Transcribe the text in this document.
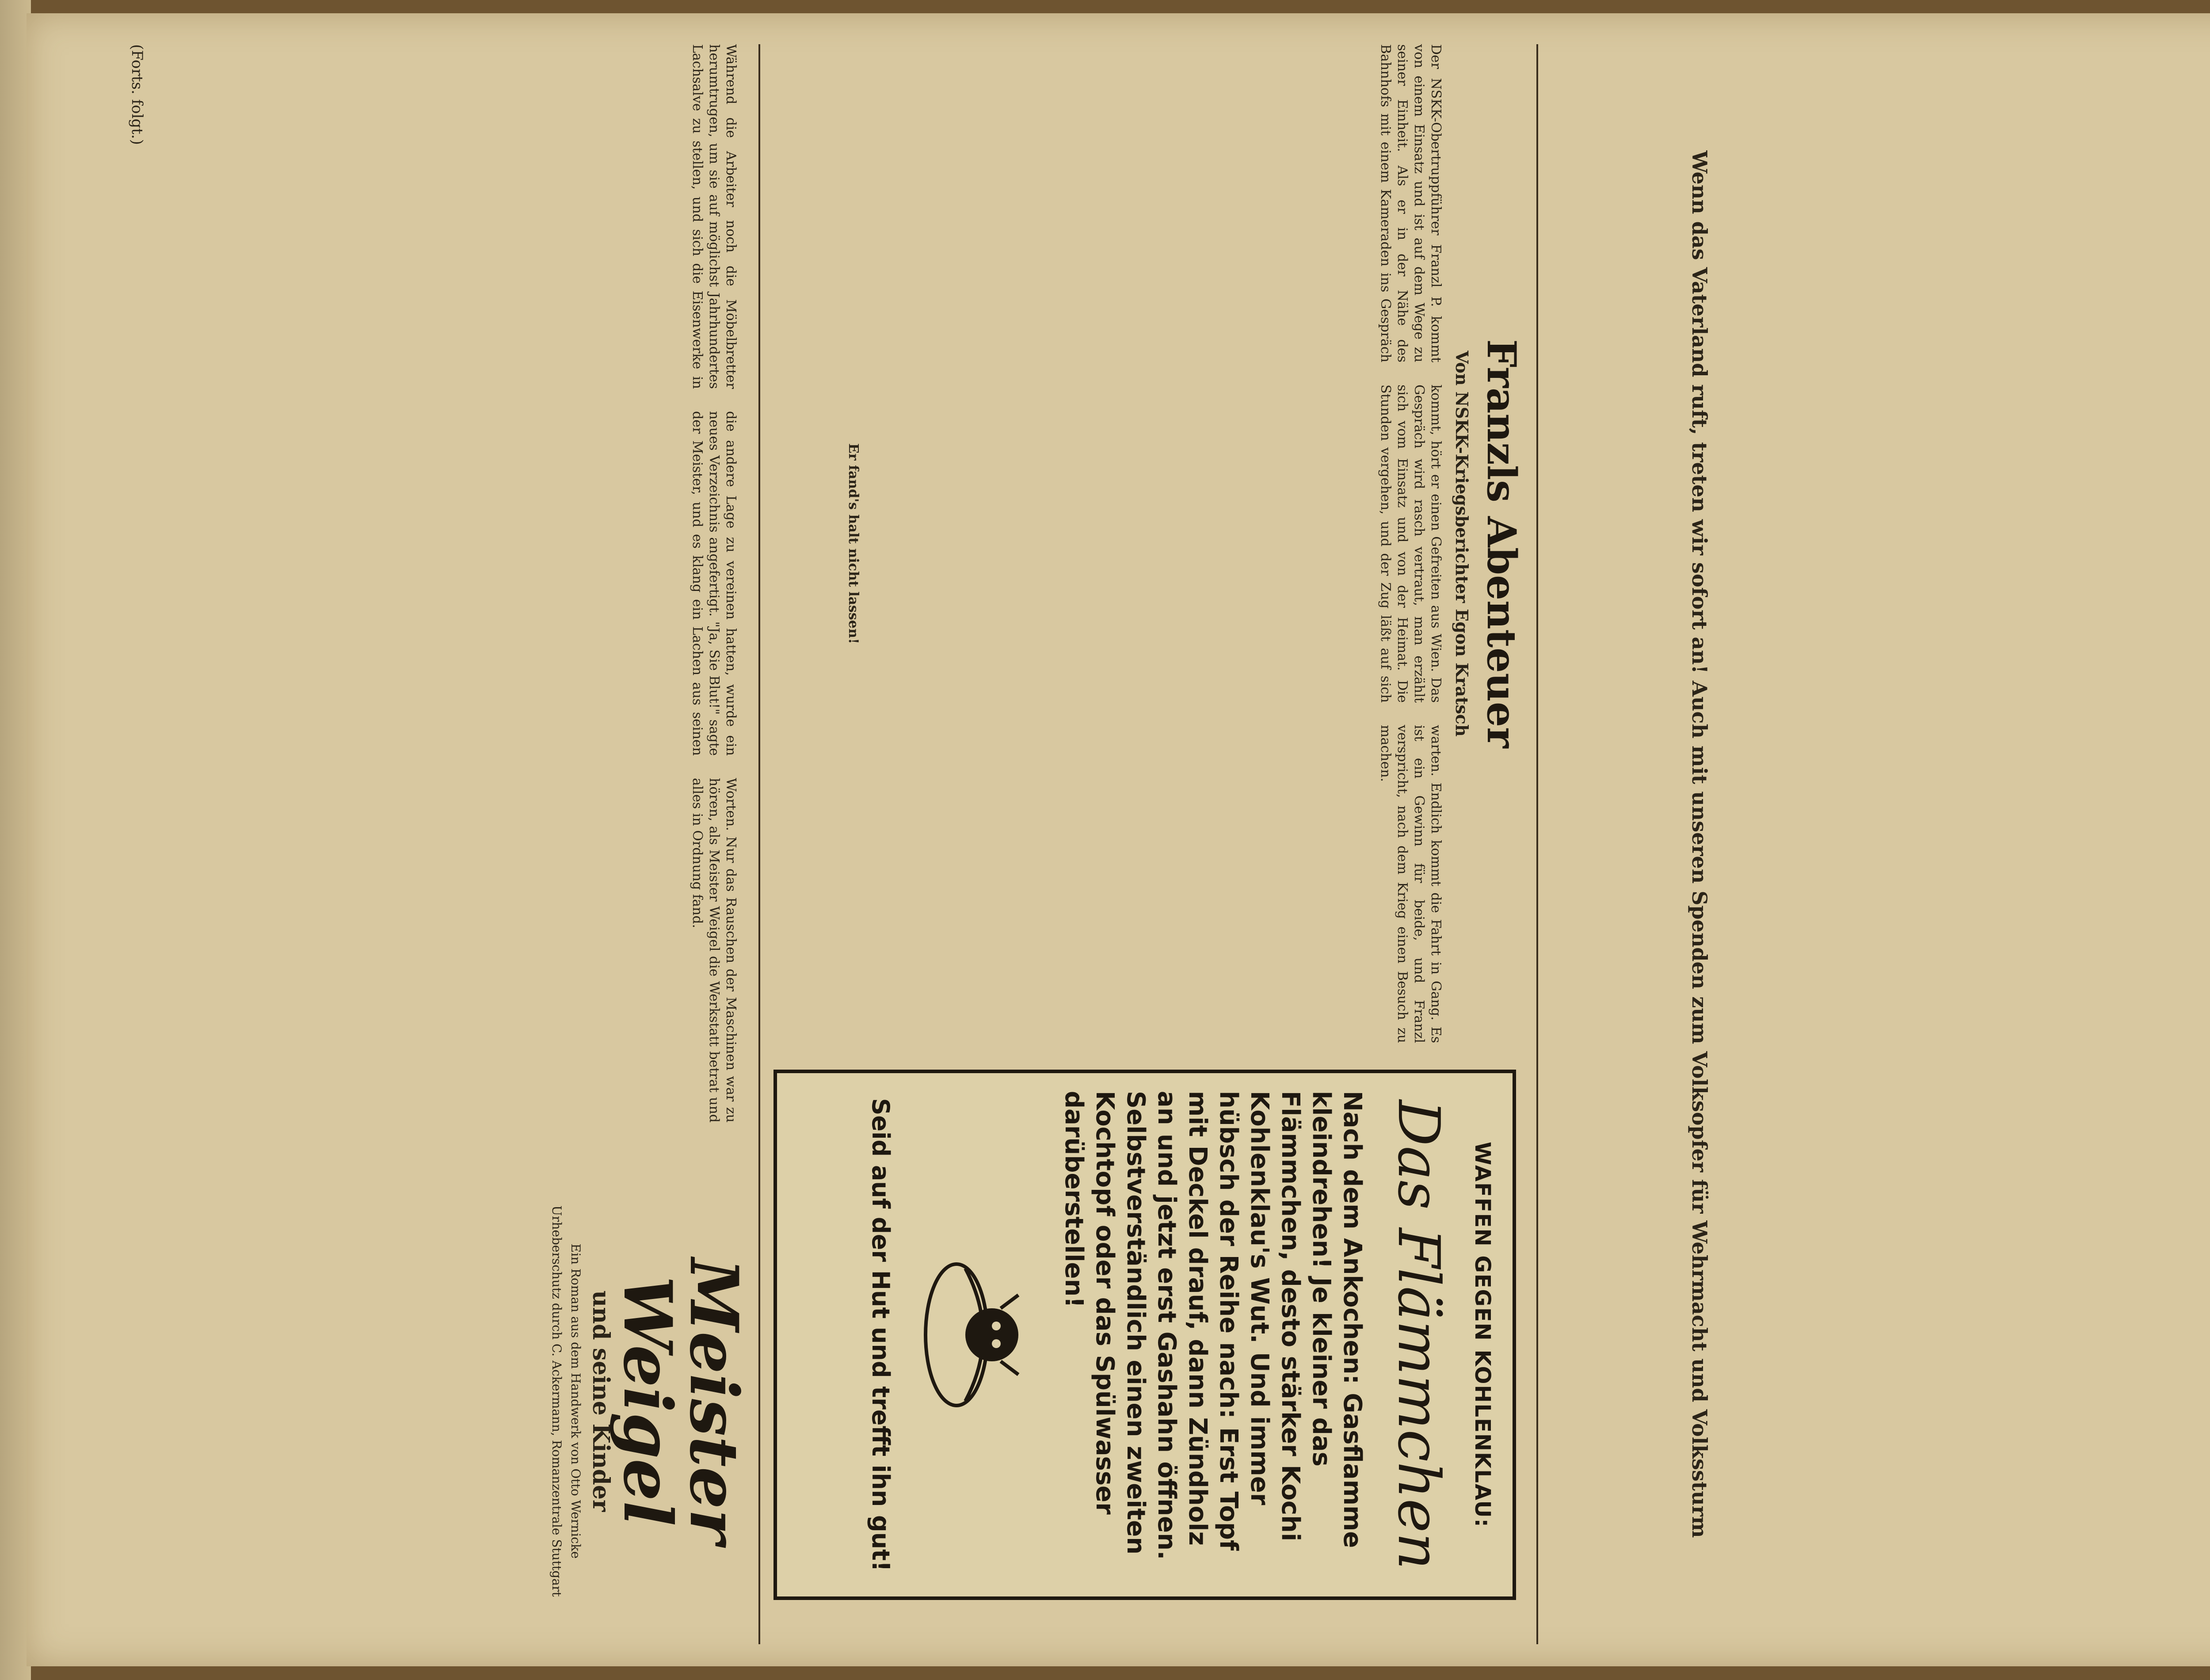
Wenn das Vaterland ruft, treten wir sofort an! Auch mit unseren Spenden zum Volksopfer für Wehrmacht und Volkssturm
Franzls Abenteuer
Von NSKK-Kriegsberichter Egon Kratsch
Der NSKK-Obertruppführer Franzl P. kommt von einem Einsatz und ist auf dem Wege zu seiner Einheit. Als er in der Nähe des Bahnhofs mit einem Kameraden ins Gespräch kommt, hört er einen Gefreiten aus Wien. Das Gespräch wird rasch vertraut, man erzählt sich vom Einsatz und von der Heimat. Die Stunden vergehen, und der Zug läßt auf sich warten. Endlich kommt die Fahrt in Gang. Es ist ein Gewinn für beide, und Franzl verspricht, nach dem Krieg einen Besuch zu machen.
Er fand's halt nicht lassen!
WAFFEN GEGEN KOHLENKLAU:
Das Flämmchen
Nach dem Ankochen: Gasflamme kleindrehen! Je kleiner das Flämmchen, desto stärker Kochi Kohlenklau's Wut. Und immer hübsch der Reihe nach: Erst Topf mit Deckel drauf, dann Zündholz an und jetzt erst Gashahn öffnen. Selbstverständlich einen zweiten Kochtopf oder das Spülwasser darüberstellen!
Seid auf der Hut und trefft ihn gut!
Meister Weigel
und seine Kinder
Ein Roman aus dem Handwerk von Otto Wernicke
Urheberschutz durch C. Ackermann, Romanzentrale Stuttgart
Während die Arbeiter noch die Möbelbretter herumtrugen, um sie auf möglichst Jahrhundertes Lachsalve zu stellen, und sich die Eisenwerke in die andere Lage zu vereinen hatten, wurde ein neues Verzeichnis angefertigt. "Ja, Sie Blut!" sagte der Meister, und es klang ein Lachen aus seinen Worten. Nur das Rauschen der Maschinen war zu hören, als Meister Weigel die Werkstatt betrat und alles in Ordnung fand.
(Forts. folgt.)
